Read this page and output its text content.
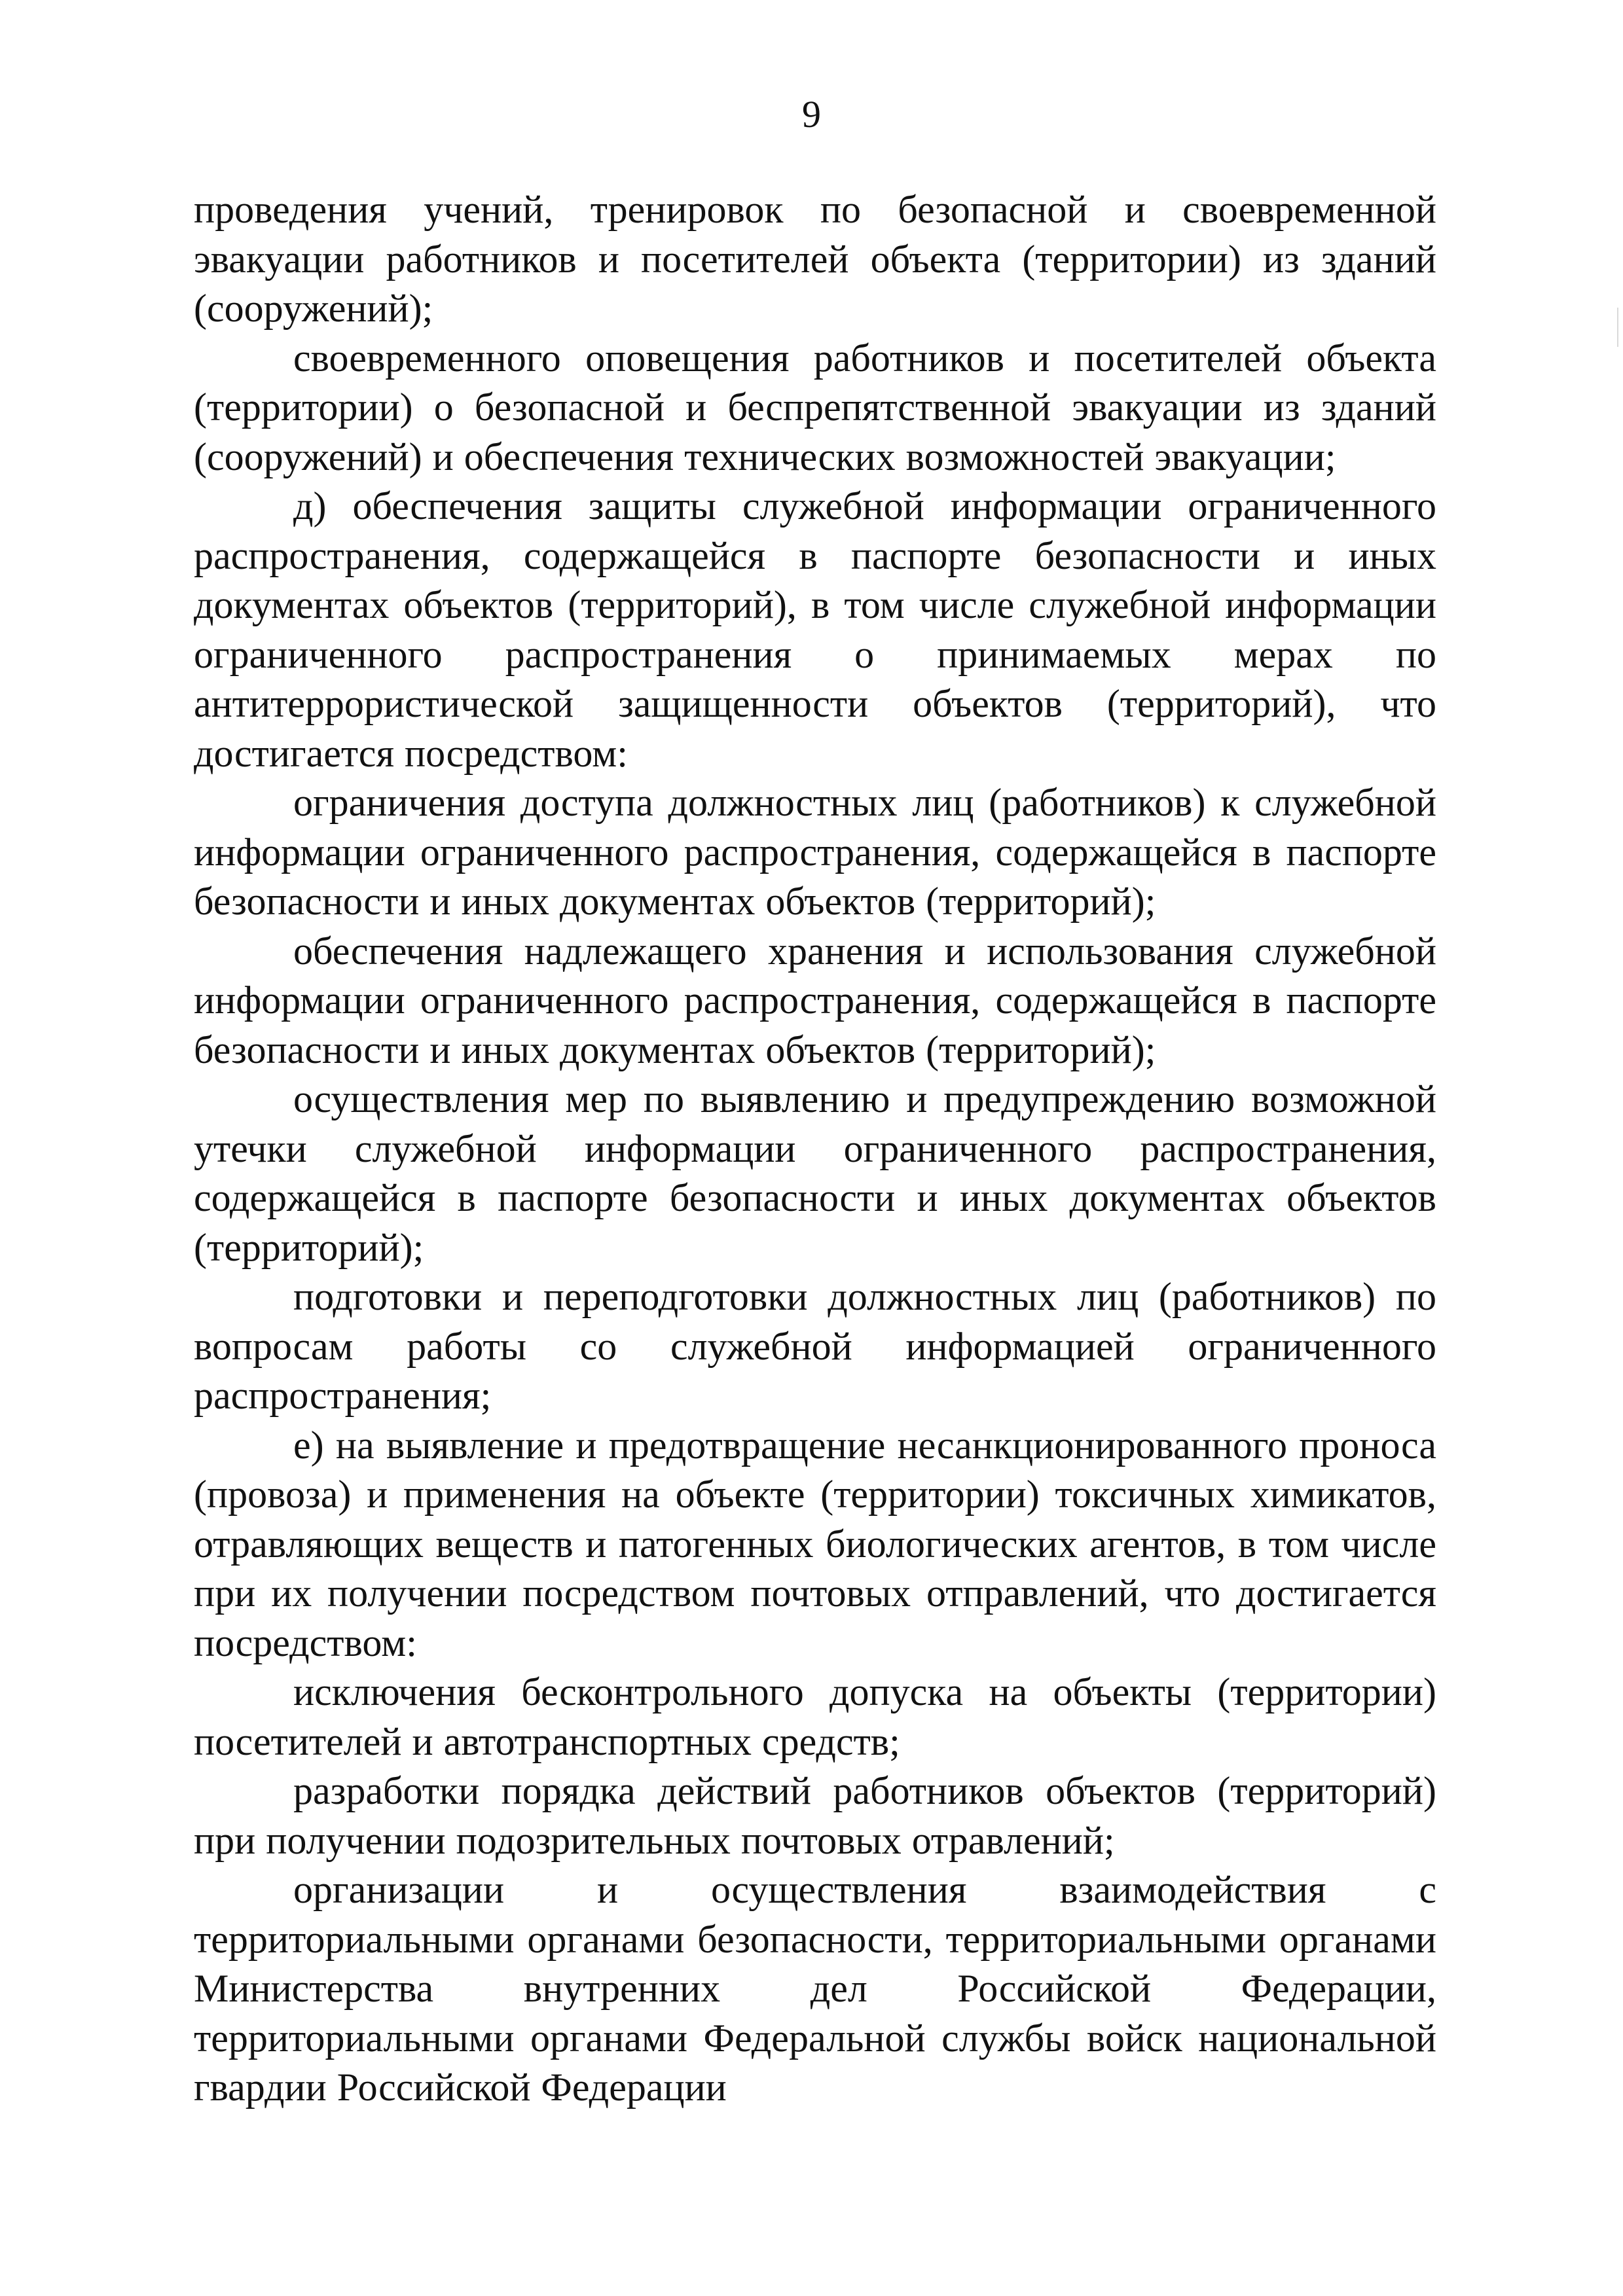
9

проведения учений, тренировок по безопасной и своевременной эвакуации работников и посетителей объекта (территории) из зданий (сооружений);

своевременного оповещения работников и посетителей объекта (территории) о безопасной и беспрепятственной эвакуации из зданий (сооружений) и обеспечения технических возможностей эвакуации;

д) обеспечения защиты служебной информации ограниченного распространения, содержащейся в паспорте безопасности и иных документах объектов (территорий), в том числе служебной информации ограниченного распространения о принимаемых мерах по антитеррористической защищенности объектов (территорий), что достигается посредством:

ограничения доступа должностных лиц (работников) к служебной информации ограниченного распространения, содержащейся в паспорте безопасности и иных документах объектов (территорий);

обеспечения надлежащего хранения и использования служебной информации ограниченного распространения, содержащейся в паспорте безопасности и иных документах объектов (территорий);

осуществления мер по выявлению и предупреждению возможной утечки служебной информации ограниченного распространения, содержащейся в паспорте безопасности и иных документах объектов (территорий);

подготовки и переподготовки должностных лиц (работников) по вопросам работы со служебной информацией ограниченного распространения;

е) на выявление и предотвращение несанкционированного проноса (провоза) и применения на объекте (территории) токсичных химикатов, отравляющих веществ и патогенных биологических агентов, в том числе при их получении посредством почтовых отправлений, что достигается посредством:

исключения бесконтрольного допуска на объекты (территории) посетителей и автотранспортных средств;

разработки порядка действий работников объектов (территорий) при получении подозрительных почтовых отравлений;

организации и осуществления взаимодействия с территориальными органами безопасности, территориальными органами Министерства внутренних дел Российской Федерации, территориальными органами Федеральной службы войск национальной гвардии Российской Федерации
